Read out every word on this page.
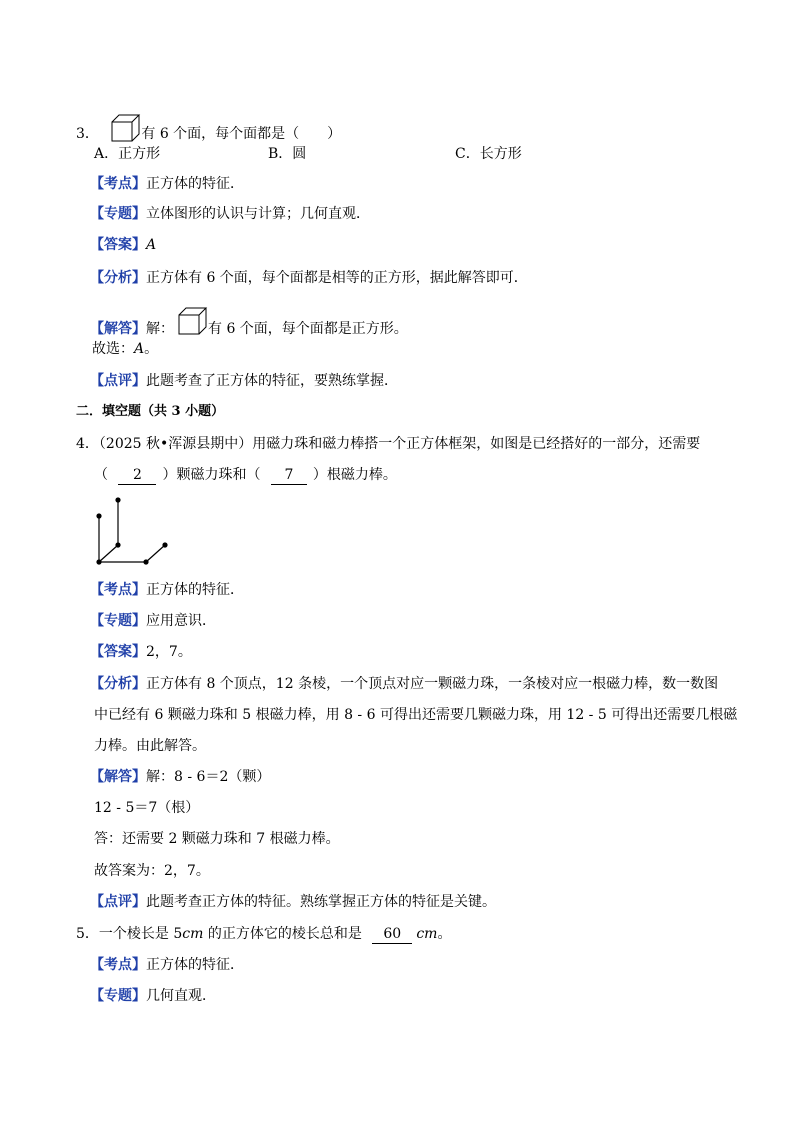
3．	有 6 个面，每个面都是（　　）
A．正方形	B．圆	C．长方形
【考点】正方体的特征．
【专题】立体图形的认识与计算；几何直观．
【答案】A
【分析】正方体有 6 个面，每个面都是相等的正方形，据此解答即可．
【解答】解： 有 6 个面，每个面都是正方形。
故选：A。
【点评】此题考查了正方体的特征，要熟练掌握．
二．填空题（共 3 小题）
4．（2025 秋•浑源县期中）用磁力珠和磁力棒搭一个正方体框架，如图是已经搭好的一部分，还需要
（ 2 ）颗磁力珠和（ 7 ）根磁力棒。
【考点】正方体的特征．
【专题】应用意识．
【答案】2，7。
【分析】正方体有 8 个顶点，12 条棱，一个顶点对应一颗磁力珠，一条棱对应一根磁力棒，数一数图
中已经有 6 颗磁力珠和 5 根磁力棒，用 8 - 6 可得出还需要几颗磁力珠，用 12 - 5 可得出还需要几根磁
力棒。由此解答。
【解答】解：8 - 6＝2（颗）
12 - 5＝7（根）
答：还需要 2 颗磁力珠和 7 根磁力棒。
故答案为：2，7。
【点评】此题考查正方体的特征。熟练掌握正方体的特征是关键。
5．一个棱长是 5cm 的正方体它的棱长总和是 60 cm。
【考点】正方体的特征．
【专题】几何直观．
